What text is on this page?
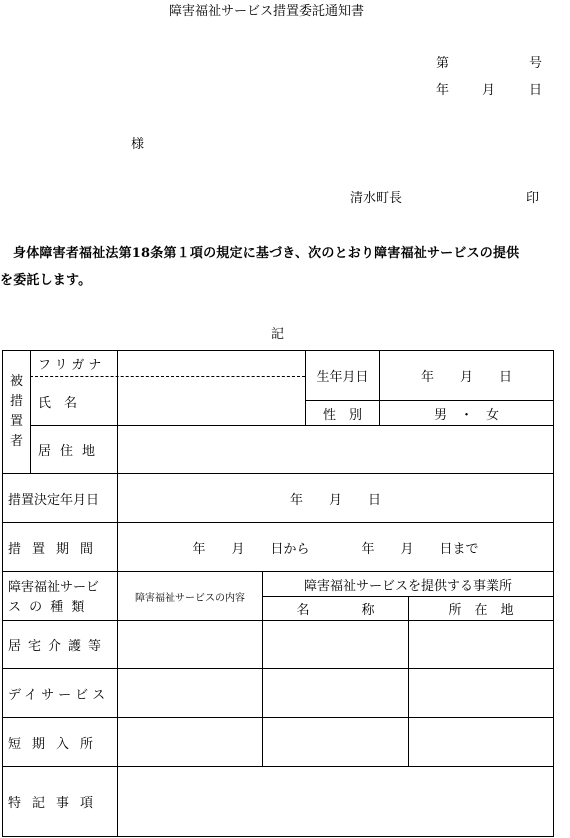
障害福祉サービス措置委託通知書
第	号
年	月	日
様
清水町長	印
身体障害者福祉法第18条第１項の規定に基づき、次のとおり障害福祉サービスの提供
を委託します。
記
被
措
置
者
フリガナ
氏　名
居住地
生年月日	年　　月　　日
性　別	男　・　女
措置決定年月日	年　　月　　日
措置期間	年　　月　　日から　　　　年　　月　　日まで
障害福祉サービ
ス の 種 類
障害福祉サービスの内容
障害福祉サービスを提供する事業所
名　　　　称	所　在　地
居宅介護等
デイサービス
短期入所
特記事項
